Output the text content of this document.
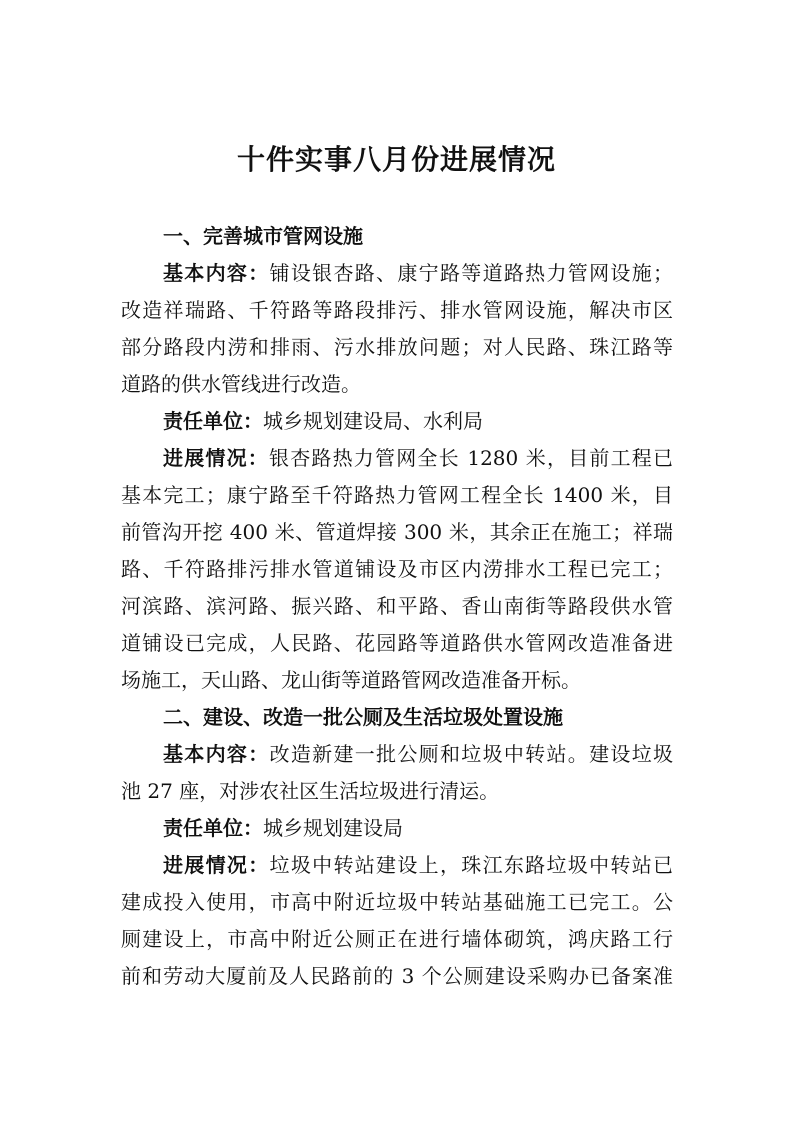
十件实事八月份进展情况
一、完善城市管网设施
基本内容：铺设银杏路、康宁路等道路热力管网设施；
改造祥瑞路、千符路等路段排污、排水管网设施，解决市区
部分路段内涝和排雨、污水排放问题；对人民路、珠江路等
道路的供水管线进行改造。
责任单位：城乡规划建设局、水利局
进展情况：银杏路热力管网全长 1280 米，目前工程已
基本完工；康宁路至千符路热力管网工程全长 1400 米，目
前管沟开挖 400 米、管道焊接 300 米，其余正在施工；祥瑞
路、千符路排污排水管道铺设及市区内涝排水工程已完工；
河滨路、滨河路、振兴路、和平路、香山南街等路段供水管
道铺设已完成，人民路、花园路等道路供水管网改造准备进
场施工，天山路、龙山街等道路管网改造准备开标。
二、建设、改造一批公厕及生活垃圾处置设施
基本内容：改造新建一批公厕和垃圾中转站。建设垃圾
池 27 座，对涉农社区生活垃圾进行清运。
责任单位：城乡规划建设局
进展情况：垃圾中转站建设上，珠江东路垃圾中转站已
建成投入使用，市高中附近垃圾中转站基础施工已完工。公
厕建设上，市高中附近公厕正在进行墙体砌筑，鸿庆路工行
前和劳动大厦前及人民路前的 3 个公厕建设采购办已备案准
